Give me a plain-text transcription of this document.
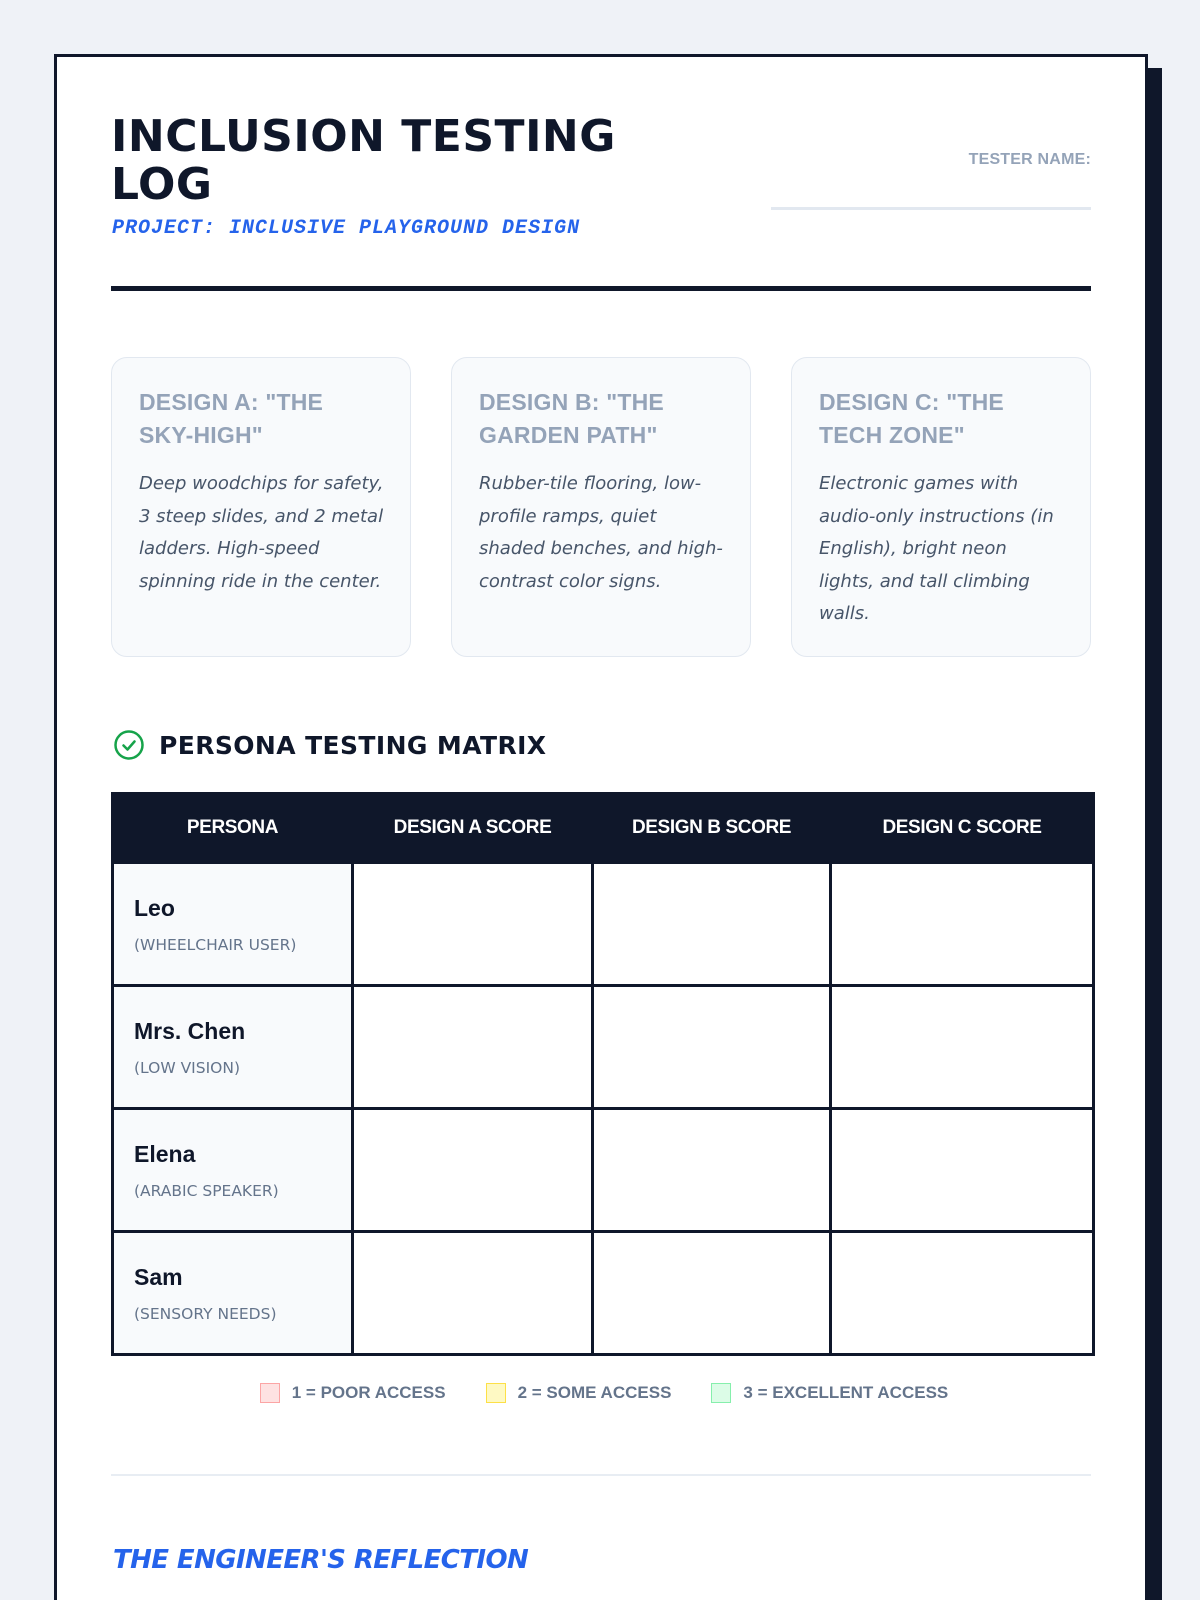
INCLUSION TESTING LOG
PROJECT: INCLUSIVE PLAYGROUND DESIGN
TESTER NAME:
DESIGN A: "THE SKY-HIGH"
Deep woodchips for safety, 3 steep slides, and 2 metal ladders. High-speed spinning ride in the center.
DESIGN B: "THE GARDEN PATH"
Rubber-tile flooring, low-profile ramps, quiet shaded benches, and high-contrast color signs.
DESIGN C: "THE TECH ZONE"
Electronic games with audio-only instructions (in English), bright neon lights, and tall climbing walls.
PERSONA TESTING MATRIX
PERSONA	DESIGN A SCORE	DESIGN B SCORE	DESIGN C SCORE

Leo
(WHEELCHAIR USER)			

Mrs. Chen
(LOW VISION)			

Elena
(ARABIC SPEAKER)			

Sam
(SENSORY NEEDS)			

1 = POOR ACCESS	2 = SOME ACCESS	3 = EXCELLENT ACCESS
THE ENGINEER'S REFLECTION
